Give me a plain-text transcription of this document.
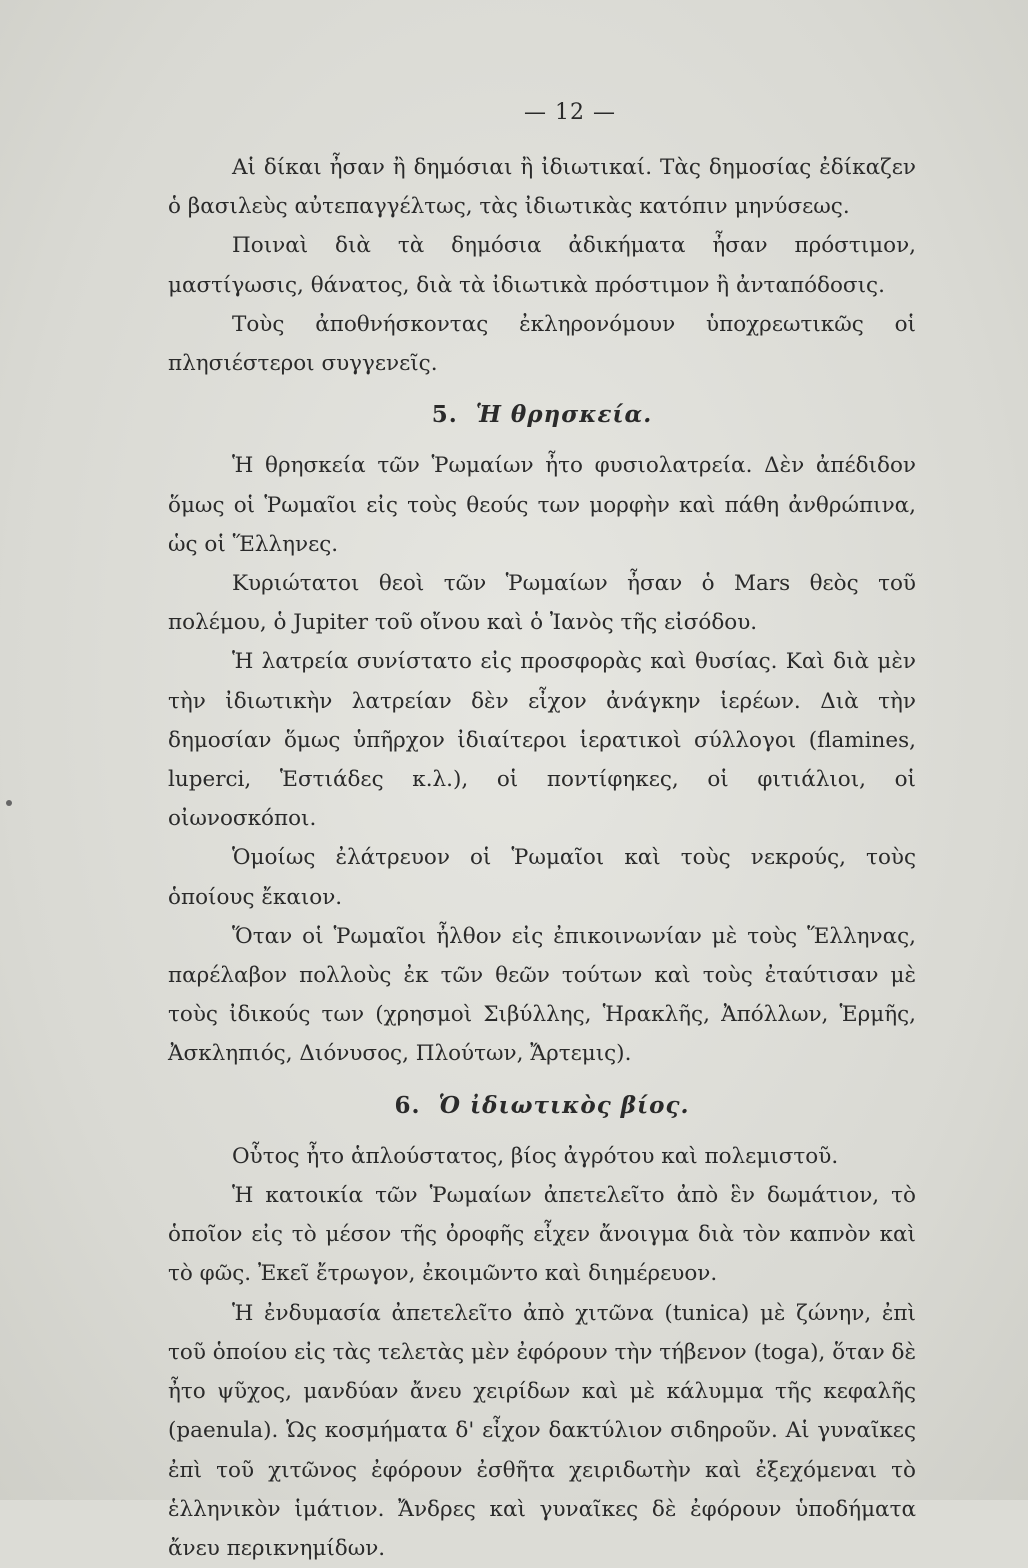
— 12 —

Αἱ δίκαι ἦσαν ἢ δημόσιαι ἢ ἰδιωτικαί. Τὰς δημοσίας ἐδίκαζεν ὁ βασιλεὺς αὐτεπαγγέλτως, τὰς ἰδιωτικὰς κατόπιν μηνύσεως.

Ποιναὶ διὰ τὰ δημόσια ἀδικήματα ἦσαν πρόστιμον, μαστίγωσις, θάνατος, διὰ τὰ ἰδιωτικὰ πρόστιμον ἢ ἀνταπόδοσις.

Τοὺς ἀποθνήσκοντας ἐκληρονόμουν ὑποχρεωτικῶς οἱ πλησιέστεροι συγγενεῖς.

5. Ἡ θρησκεία.

Ἡ θρησκεία τῶν Ῥωμαίων ἦτο φυσιολατρεία. Δὲν ἀπέδιδον ὅμως οἱ Ῥωμαῖοι εἰς τοὺς θεούς των μορφὴν καὶ πάθη ἀνθρώπινα, ὡς οἱ Ἕλληνες.

Κυριώτατοι θεοὶ τῶν Ῥωμαίων ἦσαν ὁ Mars θεὸς τοῦ πολέμου, ὁ Jupiter τοῦ οἴνου καὶ ὁ Ἰανὸς τῆς εἰσόδου.

Ἡ λατρεία συνίστατο εἰς προσφορὰς καὶ θυσίας. Καὶ διὰ μὲν τὴν ἰδιωτικὴν λατρείαν δὲν εἶχον ἀνάγκην ἱερέων. Διὰ τὴν δημοσίαν ὅμως ὑπῆρχον ἰδιαίτεροι ἱερατικοὶ σύλλογοι (flamines, luperci, Ἑστιάδες κ.λ.), οἱ ποντίφηκες, οἱ φιτιάλιοι, οἱ οἰωνοσκόποι.

Ὁμοίως ἐλάτρευον οἱ Ῥωμαῖοι καὶ τοὺς νεκρούς, τοὺς ὁποίους ἔκαιον.

Ὅταν οἱ Ῥωμαῖοι ἦλθον εἰς ἐπικοινωνίαν μὲ τοὺς Ἕλληνας, παρέλαβον πολλοὺς ἐκ τῶν θεῶν τούτων καὶ τοὺς ἐταύτισαν μὲ τοὺς ἰδικούς των (χρησμοὶ Σιβύλλης, Ἡρακλῆς, Ἀπόλλων, Ἑρμῆς, Ἀσκληπιός, Διόνυσος, Πλούτων, Ἄρτεμις).

6. Ὁ ἰδιωτικὸς βίος.

Οὗτος ἦτο ἁπλούστατος, βίος ἀγρότου καὶ πολεμιστοῦ.

Ἡ κατοικία τῶν Ῥωμαίων ἀπετελεῖτο ἀπὸ ἓν δωμάτιον, τὸ ὁποῖον εἰς τὸ μέσον τῆς ὀροφῆς εἶχεν ἄνοιγμα διὰ τὸν καπνὸν καὶ τὸ φῶς. Ἐκεῖ ἔτρωγον, ἐκοιμῶντο καὶ διημέρευον.

Ἡ ἐνδυμασία ἀπετελεῖτο ἀπὸ χιτῶνα (tunica) μὲ ζώνην, ἐπὶ τοῦ ὁποίου εἰς τὰς τελετὰς μὲν ἐφόρουν τὴν τήβενον (toga), ὅταν δὲ ἦτο ψῦχος, μανδύαν ἄνευ χειρίδων καὶ μὲ κάλυμμα τῆς κεφαλῆς (paenula). Ὡς κοσμήματα δ' εἶχον δακτύλιον σιδηροῦν. Αἱ γυναῖκες ἐπὶ τοῦ χιτῶνος ἐφόρουν ἐσθῆτα χειριδωτὴν καὶ ἐξεχόμεναι τὸ ἑλληνικὸν ἱμάτιον. Ἄνδρες καὶ γυναῖκες δὲ ἐφόρουν ὑποδήματα ἄνευ περικνημίδων.
